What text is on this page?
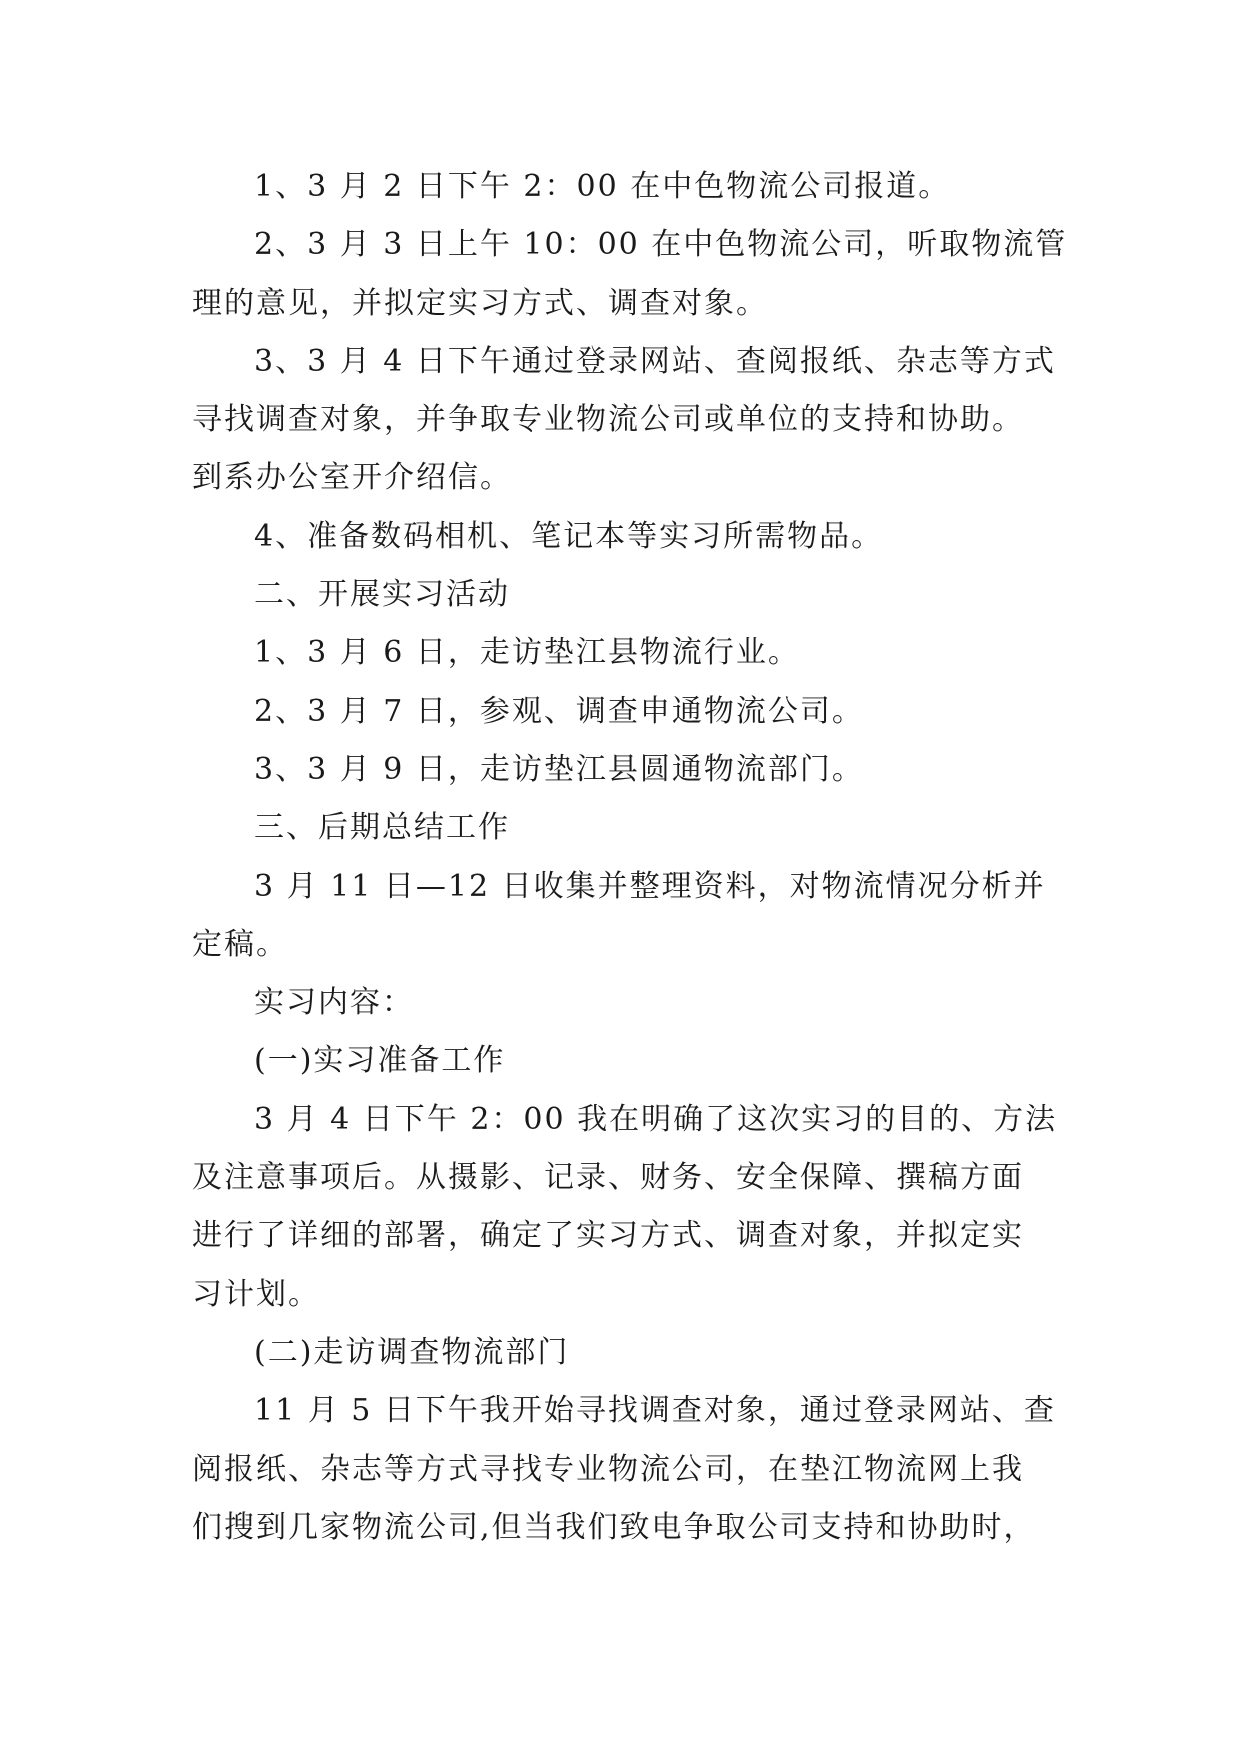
1、3 月 2 日下午 2：00 在中色物流公司报道。

2、3 月 3 日上午 10：00 在中色物流公司，听取物流管

理的意见，并拟定实习方式、调查对象。

3、3 月 4 日下午通过登录网站、查阅报纸、杂志等方式

寻找调查对象，并争取专业物流公司或单位的支持和协助。

到系办公室开介绍信。

4、准备数码相机、笔记本等实习所需物品。

二、开展实习活动

1、3 月 6 日，走访垫江县物流行业。

2、3 月 7 日，参观、调查申通物流公司。

3、3 月 9 日，走访垫江县圆通物流部门。

三、后期总结工作

3 月 11 日—12 日收集并整理资料，对物流情况分析并

定稿。

实习内容：

(一)实习准备工作

3 月 4 日下午 2：00 我在明确了这次实习的目的、方法

及注意事项后。从摄影、记录、财务、安全保障、撰稿方面

进行了详细的部署，确定了实习方式、调查对象，并拟定实

习计划。

(二)走访调查物流部门

11 月 5 日下午我开始寻找调查对象，通过登录网站、查

阅报纸、杂志等方式寻找专业物流公司，在垫江物流网上我

们搜到几家物流公司,但当我们致电争取公司支持和协助时，
